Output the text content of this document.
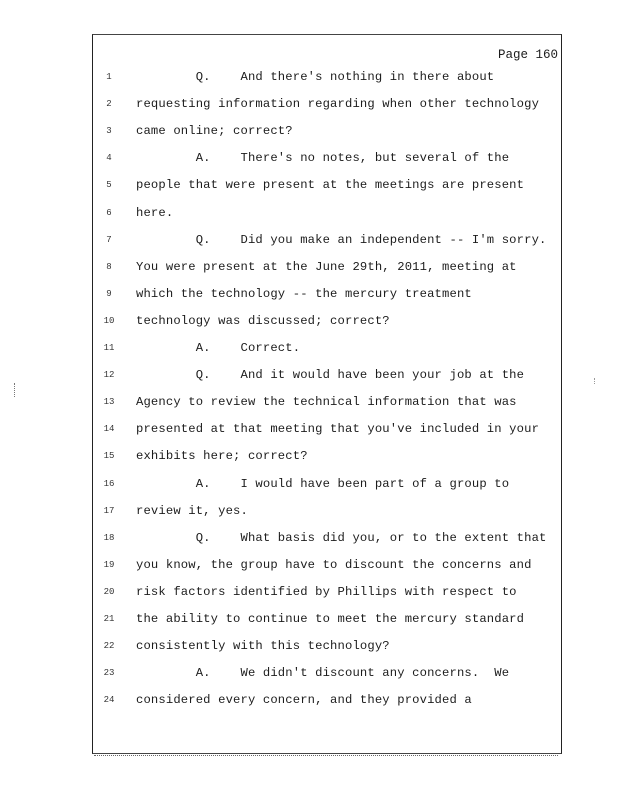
Page 160
1	Q.    And there's nothing in there about
2	requesting information regarding when other technology
3	came online; correct?
4	A.    There's no notes, but several of the
5	people that were present at the meetings are present
6	here.
7	Q.    Did you make an independent -- I'm sorry.
8	You were present at the June 29th, 2011, meeting at
9	which the technology -- the mercury treatment
10	technology was discussed; correct?
11	A.    Correct.
12	Q.    And it would have been your job at the
13	Agency to review the technical information that was
14	presented at that meeting that you've included in your
15	exhibits here; correct?
16	A.    I would have been part of a group to
17	review it, yes.
18	Q.    What basis did you, or to the extent that
19	you know, the group have to discount the concerns and
20	risk factors identified by Phillips with respect to
21	the ability to continue to meet the mercury standard
22	consistently with this technology?
23	A.    We didn't discount any concerns.  We
24	considered every concern, and they provided a
